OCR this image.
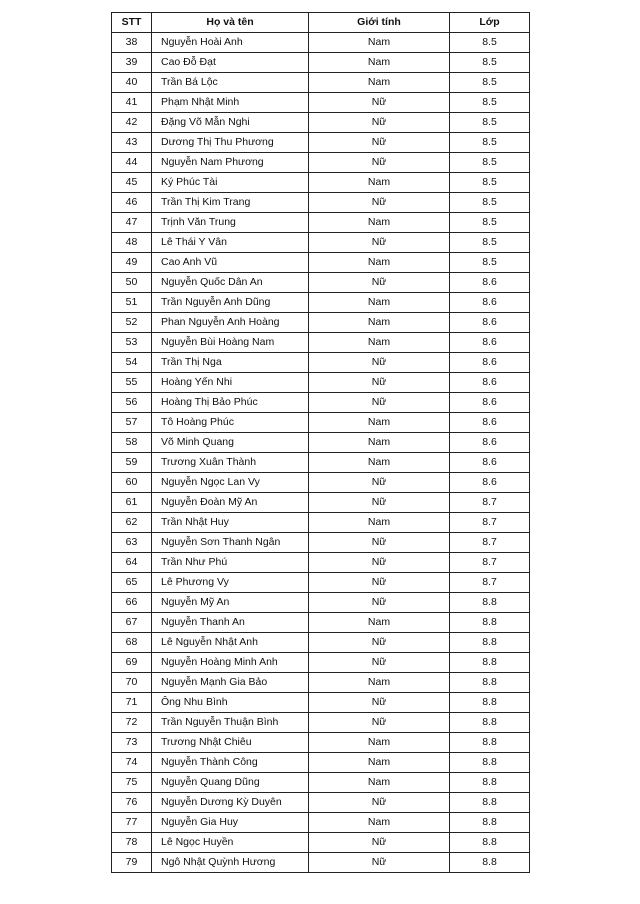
STT	Họ và tên	Giới tính	Lớp
38	Nguyễn Hoài Anh	Nam	8.5
39	Cao Đỗ Đạt	Nam	8.5
40	Trần Bá Lộc	Nam	8.5
41	Phạm Nhật Minh	Nữ	8.5
42	Đặng Võ Mẫn Nghi	Nữ	8.5
43	Dương Thị Thu Phương	Nữ	8.5
44	Nguyễn Nam Phương	Nữ	8.5
45	Ký Phúc Tài	Nam	8.5
46	Trần Thị Kim Trang	Nữ	8.5
47	Trịnh Văn Trung	Nam	8.5
48	Lê Thái Y Vân	Nữ	8.5
49	Cao Anh Vũ	Nam	8.5
50	Nguyễn Quốc Dân An	Nữ	8.6
51	Trần Nguyễn Anh Dũng	Nam	8.6
52	Phan Nguyễn Anh Hoàng	Nam	8.6
53	Nguyễn Bùi Hoàng Nam	Nam	8.6
54	Trần Thị Nga	Nữ	8.6
55	Hoàng Yến Nhi	Nữ	8.6
56	Hoàng Thị Bảo Phúc	Nữ	8.6
57	Tô Hoàng Phúc	Nam	8.6
58	Võ Minh Quang	Nam	8.6
59	Trương Xuân Thành	Nam	8.6
60	Nguyễn Ngọc Lan Vy	Nữ	8.6
61	Nguyễn Đoàn Mỹ An	Nữ	8.7
62	Trần Nhật Huy	Nam	8.7
63	Nguyễn Sơn Thanh Ngân	Nữ	8.7
64	Trần Như Phú	Nữ	8.7
65	Lê Phương Vy	Nữ	8.7
66	Nguyễn Mỹ An	Nữ	8.8
67	Nguyễn Thanh An	Nam	8.8
68	Lê Nguyễn Nhật Anh	Nữ	8.8
69	Nguyễn Hoàng Minh Anh	Nữ	8.8
70	Nguyễn Mạnh Gia Bảo	Nam	8.8
71	Ông Nhu Bình	Nữ	8.8
72	Trần Nguyễn Thuận Bình	Nữ	8.8
73	Trương Nhật Chiêu	Nam	8.8
74	Nguyễn Thành Công	Nam	8.8
75	Nguyễn Quang Dũng	Nam	8.8
76	Nguyễn Dương Kỳ Duyên	Nữ	8.8
77	Nguyễn Gia Huy	Nam	8.8
78	Lê Ngọc Huyền	Nữ	8.8
79	Ngô Nhật Quỳnh Hương	Nữ	8.8
